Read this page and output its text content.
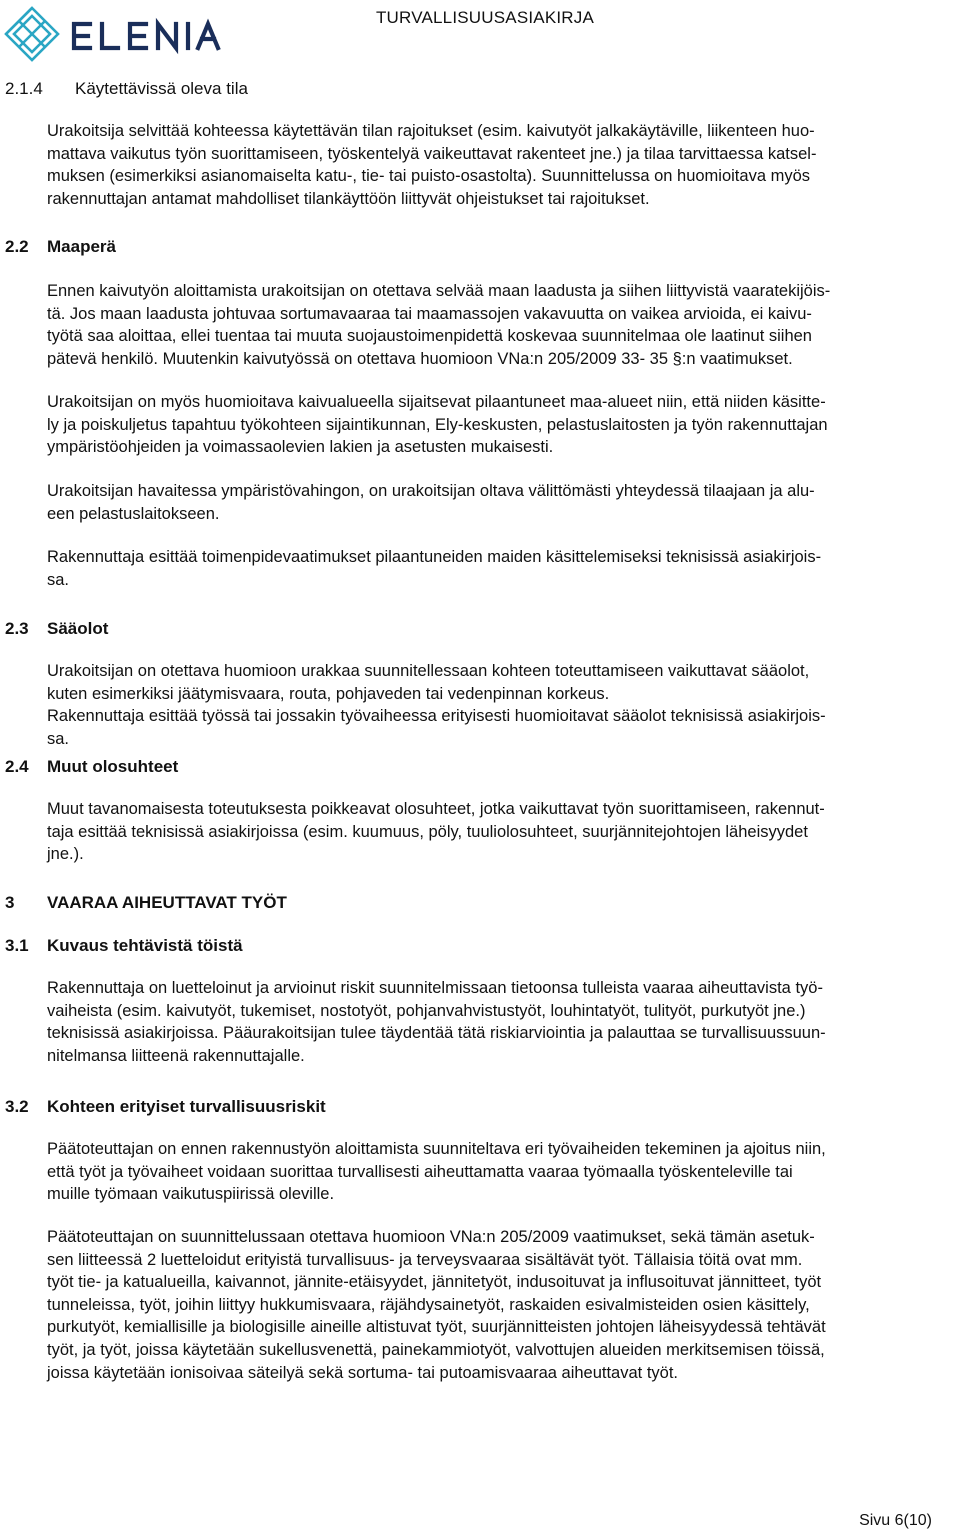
TURVALLISUUSASIAKIRJA
2.1.4 Käytettävissä oleva tila

Urakoitsija selvittää kohteessa käytettävän tilan rajoitukset (esim. kaivutyöt jalkakäytäville, liikenteen huo-
mattava vaikutus työn suorittamiseen, työskentelyä vaikeuttavat rakenteet jne.) ja tilaa tarvittaessa katsel-
muksen (esimerkiksi asianomaiselta katu-, tie- tai puisto-osastolta). Suunnittelussa on huomioitava myös
rakennuttajan antamat mahdolliset tilankäyttöön liittyvät ohjeistukset tai rajoitukset.

2.2 Maaperä

Ennen kaivutyön aloittamista urakoitsijan on otettava selvää maan laadusta ja siihen liittyvistä vaaratekijöis-
tä. Jos maan laadusta johtuvaa sortumavaaraa tai maamassojen vakavuutta on vaikea arvioida, ei kaivu-
työtä saa aloittaa, ellei tuentaa tai muuta suojaustoimenpidettä koskevaa suunnitelmaa ole laatinut siihen
pätevä henkilö. Muutenkin kaivutyössä on otettava huomioon VNa:n 205/2009 33- 35 §:n vaatimukset.

Urakoitsijan on myös huomioitava kaivualueella sijaitsevat pilaantuneet maa-alueet niin, että niiden käsitte-
ly ja poiskuljetus tapahtuu työkohteen sijaintikunnan, Ely-keskusten, pelastuslaitosten ja työn rakennuttajan
ympäristöohjeiden ja voimassaolevien lakien ja asetusten mukaisesti.

Urakoitsijan havaitessa ympäristövahingon, on urakoitsijan oltava välittömästi yhteydessä tilaajaan ja alu-
een pelastuslaitokseen.

Rakennuttaja esittää toimenpidevaatimukset pilaantuneiden maiden käsittelemiseksi teknisissä asiakirjois-
sa.

2.3 Sääolot

Urakoitsijan on otettava huomioon urakkaa suunnitellessaan kohteen toteuttamiseen vaikuttavat sääolot,
kuten esimerkiksi jäätymisvaara, routa, pohjaveden tai vedenpinnan korkeus.
Rakennuttaja esittää työssä tai jossakin työvaiheessa erityisesti huomioitavat sääolot teknisissä asiakirjois-
sa.

2.4 Muut olosuhteet

Muut tavanomaisesta toteutuksesta poikkeavat olosuhteet, jotka vaikuttavat työn suorittamiseen, rakennut-
taja esittää teknisissä asiakirjoissa (esim. kuumuus, pöly, tuuliolosuhteet, suurjännitejohtojen läheisyydet
jne.).

3 VAARAA AIHEUTTAVAT TYÖT
3.1 Kuvaus tehtävistä töistä

Rakennuttaja on luetteloinut ja arvioinut riskit suunnitelmissaan tietoonsa tulleista vaaraa aiheuttavista työ-
vaiheista (esim. kaivutyöt, tukemiset, nostotyöt, pohjanvahvistustyöt, louhintatyöt, tulityöt, purkutyöt jne.)
teknisissä asiakirjoissa. Pääurakoitsijan tulee täydentää tätä riskiarviointia ja palauttaa se turvallisuussuun-
nitelmansa liitteenä rakennuttajalle.

3.2 Kohteen erityiset turvallisuusriskit

Päätoteuttajan on ennen rakennustyön aloittamista suunniteltava eri työvaiheiden tekeminen ja ajoitus niin,
että työt ja työvaiheet voidaan suorittaa turvallisesti aiheuttamatta vaaraa työmaalla työskenteleville tai
muille työmaan vaikutuspiirissä oleville.

Päätoteuttajan on suunnittelussaan otettava huomioon VNa:n 205/2009 vaatimukset, sekä tämän asetuk-
sen liitteessä 2 luetteloidut erityistä turvallisuus- ja terveysvaaraa sisältävät työt. Tällaisia töitä ovat mm.
työt tie- ja katualueilla, kaivannot, jännite-etäisyydet, jännitetyöt, indusoituvat ja influsoituvat jännitteet, työt
tunneleissa, työt, joihin liittyy hukkumisvaara, räjähdysainetyöt, raskaiden esivalmisteiden osien käsittely,
purkutyöt, kemiallisille ja biologisille aineille altistuvat työt, suurjännitteisten johtojen läheisyydessä tehtävät
työt, ja työt, joissa käytetään sukellusvenettä, painekammiotyöt, valvottujen alueiden merkitsemisen töissä,
joissa käytetään ionisoivaa säteilyä sekä sortuma- tai putoamisvaaraa aiheuttavat työt.

Sivu 6(10)
